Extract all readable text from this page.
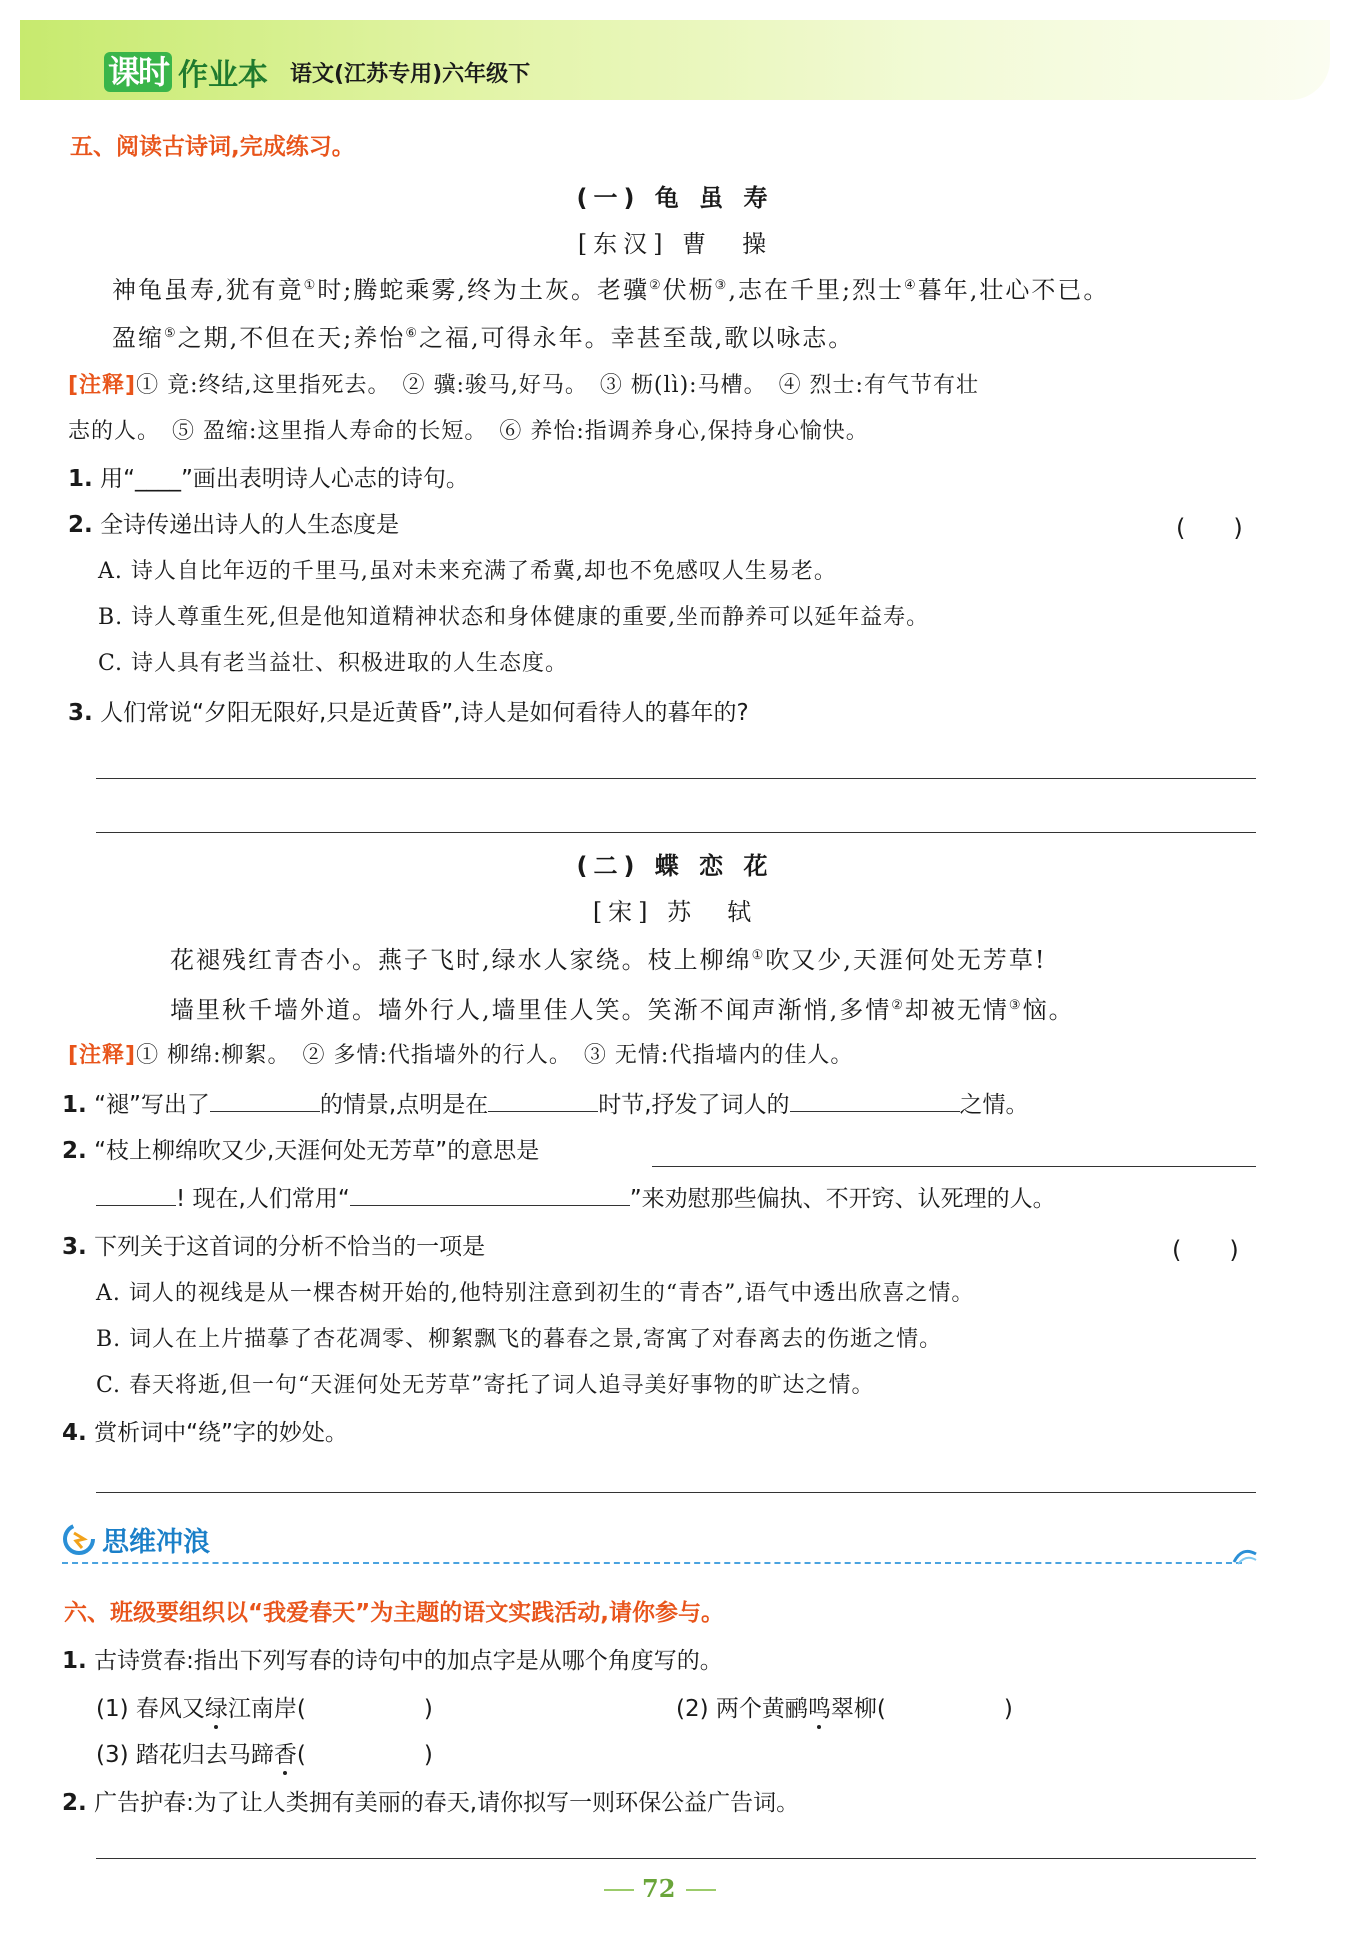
课时 作业本 语文(江苏专用)六年级下
五、阅读古诗词,完成练习。
(一) 龟 虽 寿
[东汉] 曹　操
神龟虽寿,犹有竟①时;腾蛇乘雾,终为土灰。老骥②伏枥③,志在千里;烈士④暮年,壮心不已。
盈缩⑤之期,不但在天;养怡⑥之福,可得永年。幸甚至哉,歌以咏志。
[注释]① 竟:终结,这里指死去。　② 骥:骏马,好马。　③ 枥(lì):马槽。　④ 烈士:有气节有壮
志的人。　⑤ 盈缩:这里指人寿命的长短。　⑥ 养怡:指调养身心,保持身心愉快。
1. 用“____”画出表明诗人心志的诗句。
2. 全诗传递出诗人的人生态度是	(　　)
A. 诗人自比年迈的千里马,虽对未来充满了希冀,却也不免感叹人生易老。
B. 诗人尊重生死,但是他知道精神状态和身体健康的重要,坐而静养可以延年益寿。
C. 诗人具有老当益壮、积极进取的人生态度。
3. 人们常说“夕阳无限好,只是近黄昏”,诗人是如何看待人的暮年的?
(二) 蝶 恋 花
[宋] 苏　轼
花褪残红青杏小。燕子飞时,绿水人家绕。枝上柳绵①吹又少,天涯何处无芳草!
墙里秋千墙外道。墙外行人,墙里佳人笑。笑渐不闻声渐悄,多情②却被无情③恼。
[注释]① 柳绵:柳絮。　② 多情:代指墙外的行人。　③ 无情:代指墙内的佳人。
1. “褪”写出了	的情景,点明是在	时节,抒发了词人的	之情。
2. “枝上柳绵吹又少,天涯何处无芳草”的意思是
! 现在,人们常用“	”来劝慰那些偏执、不开窍、认死理的人。
3. 下列关于这首词的分析不恰当的一项是	(　　)
A. 词人的视线是从一棵杏树开始的,他特别注意到初生的“青杏”,语气中透出欣喜之情。
B. 词人在上片描摹了杏花凋零、柳絮飘飞的暮春之景,寄寓了对春离去的伤逝之情。
C. 春天将逝,但一句“天涯何处无芳草”寄托了词人追寻美好事物的旷达之情。
4. 赏析词中“绕”字的妙处。
思维冲浪
六、班级要组织以“我爱春天”为主题的语文实践活动,请你参与。
1. 古诗赏春:指出下列写春的诗句中的加点字是从哪个角度写的。
(1) 春风又绿江南岸(	)	(2) 两个黄鹂鸣翠柳(	)
(3) 踏花归去马蹄香(	)
2. 广告护春:为了让人类拥有美丽的春天,请你拟写一则环保公益广告词。
72
